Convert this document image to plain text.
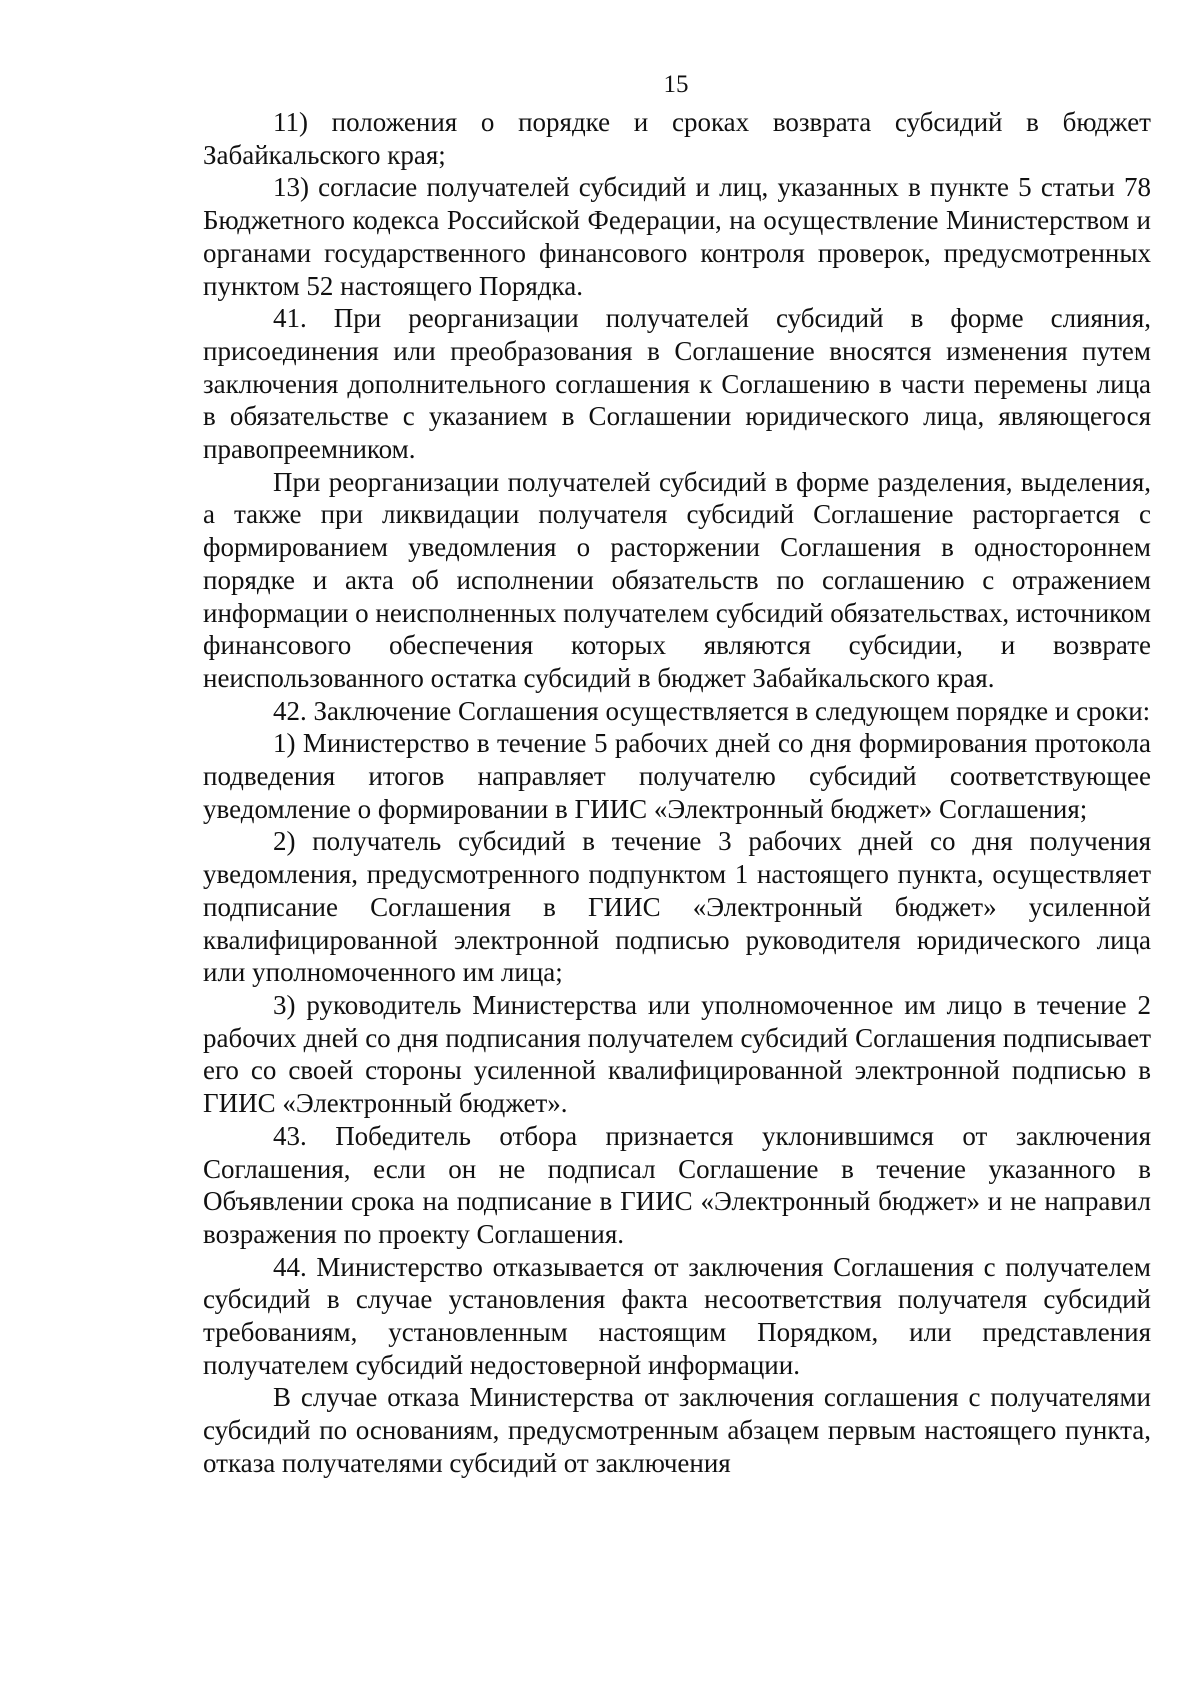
15

11) положения о порядке и сроках возврата субсидий в бюджет Забайкальского края;

13) согласие получателей субсидий и лиц, указанных в пункте 5 статьи 78 Бюджетного кодекса Российской Федерации, на осуществление Министерством и органами государственного финансового контроля проверок, предусмотренных пунктом 52 настоящего Порядка.

41. При реорганизации получателей субсидий в форме слияния, присоединения или преобразования в Соглашение вносятся изменения путем заключения дополнительного соглашения к Соглашению в части перемены лица в обязательстве с указанием в Соглашении юридического лица, являющегося правопреемником.

При реорганизации получателей субсидий в форме разделения, выделения, а также при ликвидации получателя субсидий Соглашение расторгается с формированием уведомления о расторжении Соглашения в одностороннем порядке и акта об исполнении обязательств по соглашению с отражением информации о неисполненных получателем субсидий обязательствах, источником финансового обеспечения которых являются субсидии, и возврате неиспользованного остатка субсидий в бюджет Забайкальского края.

42. Заключение Соглашения осуществляется в следующем порядке и сроки:

1) Министерство в течение 5 рабочих дней со дня формирования протокола подведения итогов направляет получателю субсидий соответствующее уведомление о формировании в ГИИС «Электронный бюджет» Соглашения;

2) получатель субсидий в течение 3 рабочих дней со дня получения уведомления, предусмотренного подпунктом 1 настоящего пункта, осуществляет подписание Соглашения в ГИИС «Электронный бюджет» усиленной квалифицированной электронной подписью руководителя юридического лица или уполномоченного им лица;

3) руководитель Министерства или уполномоченное им лицо в течение 2 рабочих дней со дня подписания получателем субсидий Соглашения подписывает его со своей стороны усиленной квалифицированной электронной подписью в ГИИС «Электронный бюджет».

43. Победитель отбора признается уклонившимся от заключения Соглашения, если он не подписал Соглашение в течение указанного в Объявлении срока на подписание в ГИИС «Электронный бюджет» и не направил возражения по проекту Соглашения.

44. Министерство отказывается от заключения Соглашения с получателем субсидий в случае установления факта несоответствия получателя субсидий требованиям, установленным настоящим Порядком, или представления получателем субсидий недостоверной информации.

В случае отказа Министерства от заключения соглашения с получателями субсидий по основаниям, предусмотренным абзацем первым настоящего пункта, отказа получателями субсидий от заключения
